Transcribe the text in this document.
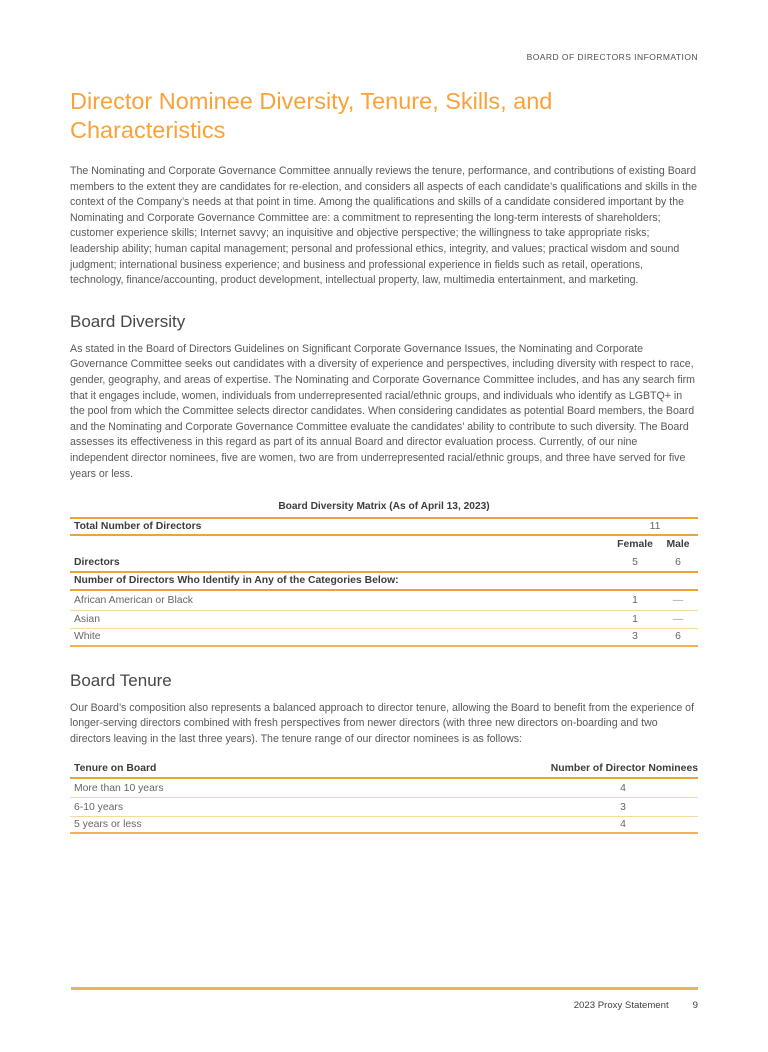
BOARD OF DIRECTORS INFORMATION
Director Nominee Diversity, Tenure, Skills, and Characteristics

The Nominating and Corporate Governance Committee annually reviews the tenure, performance, and contributions of existing Board members to the extent they are candidates for re-election, and considers all aspects of each candidate’s qualifications and skills in the context of the Company’s needs at that point in time. Among the qualifications and skills of a candidate considered important by the Nominating and Corporate Governance Committee are: a commitment to representing the long-term interests of shareholders; customer experience skills; Internet savvy; an inquisitive and objective perspective; the willingness to take appropriate risks; leadership ability; human capital management; personal and professional ethics, integrity, and values; practical wisdom and sound judgment; international business experience; and business and professional experience in fields such as retail, operations, technology, finance/accounting, product development, intellectual property, law, multimedia entertainment, and marketing.

Board Diversity

As stated in the Board of Directors Guidelines on Significant Corporate Governance Issues, the Nominating and Corporate Governance Committee seeks out candidates with a diversity of experience and perspectives, including diversity with respect to race, gender, geography, and areas of expertise. The Nominating and Corporate Governance Committee includes, and has any search firm that it engages include, women, individuals from underrepresented racial/ethnic groups, and individuals who identify as LGBTQ+ in the pool from which the Committee selects director candidates. When considering candidates as potential Board members, the Board and the Nominating and Corporate Governance Committee evaluate the candidates’ ability to contribute to such diversity. The Board assesses its effectiveness in this regard as part of its annual Board and director evaluation process. Currently, of our nine independent director nominees, five are women, two are from underrepresented racial/ethnic groups, and three have served for five years or less.

Board Diversity Matrix (As of April 13, 2023)
Total Number of Directors	11
Female	Male
Directors	5	6
Number of Directors Who Identify in Any of the Categories Below:
African American or Black	1	—
Asian	1	—
White	3	6
Board Tenure

Our Board’s composition also represents a balanced approach to director tenure, allowing the Board to benefit from the experience of longer-serving directors combined with fresh perspectives from newer directors (with three new directors on-boarding and two directors leaving in the last three years). The tenure range of our director nominees is as follows:

Tenure on Board	Number of Director Nominees
More than 10 years	4
6-10 years	3
5 years or less	4
2023 Proxy Statement	9
